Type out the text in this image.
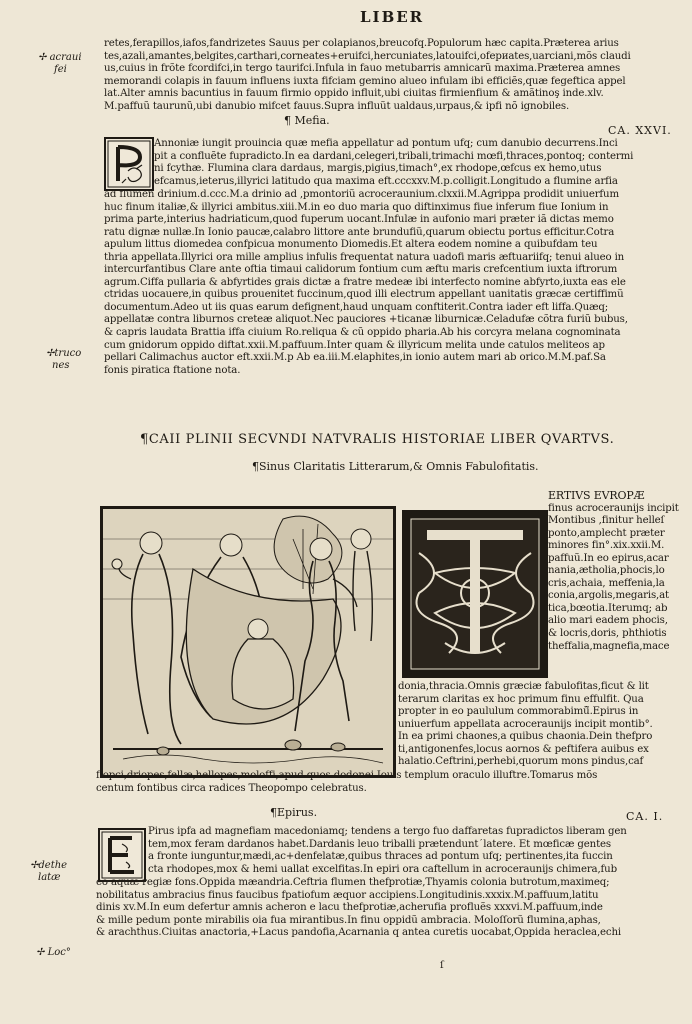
LIBER
✢ acraui
fei
✢truco
nes
✢dethe
latæ
✢ Loc°
retes,ferapillos,iafos,fandrizetes Sauus per colapianos,breucofq.Populorum hæc capita.Præterea arius
tes,azali,amantes,belgites,carthari,corneates+eruifci,hercuniates,latouifci,ofериates,uarciani,mõs claudi
us,cuius in frõte fcordifci,in tergo taurifci.Infula in fauo metubarris amnicarũ maxima.Præterea amnes
memorandi colapis in fauum influens iuxta fifciam gemino alueo infulam ibi efficiẽs,quæ fegeftica appel
lat̃.Alter amnis bacuntius in fauum firmio oppido influit,ubi ciuitas firmienfium & amãtinoş inde.xlv.
M.paffuũ taurunũ,ubi danubio mifcet̃ fauus.Supra influũt ualdaus,urpaus,& ipfi nõ ignobiles.
¶ Mefia.
CA. XXVI.
Annoniæ iungit̃ prouincia quæ mefia appellatur ad pontum ufq; cum danubio decurrens.Inci
pit a confluẽte fupradicto.In ea dardani,celegeri,tribali,trimachi mœfi,thraces,pontoq; contermi
ni fcythæ. Flumina clara dardaus, margis,pigius,timach°,ex rhodope,œfcus ex hemo,utus
efcamus,ieterus,illyrici latitudo qua maxima eft.cccxxv.M.p.colligit.Longitudo a flumine arfia
ad flumen drinium.d.ccc.M.a drinio ad ,pmontoriũ acroceraunium.clxxii.M.Agrippa prodidit uniuerfum
huc finum italiæ,& illyrici ambitus.xiii.M.in eo duo maria quo diftinximus fiue inferum fiue Ionium in
prima parte,interius hadriaticum,quod fuperum uocant.Infulæ in aufonio mari præter iã dictas memo
ratu dignæ nullæ.In Ionio paucæ,calabro littore ante brundufiũ,quarum obiectu portus efficitur.Cotra
apulum littus diomedea confpicua monumento Diomedis.Et altera eodem nomine a quibufdam teu
thria appellata.Illyrici ora mille amplius infulis frequentat̃ natura uadofi maris æftuariifq; tenui alueo in
intercurfantibus Clare ante oftia timaui calidorum fontium cum æftu maris crefcentium iuxta iftrorum
agrum.Ciffa pullaria & abfyrtides grais dictæ a fratre medeæ ibi interfecto nomine abfyrto,iuxta eas ele
ctridas uocauere,in quibus prouenitet fuccinum,quod illi electrum appellant uanitatis græcæ certiffimũ
documentum.Adeo ut iis quas earum defignent,haud unquam conftiterit.Contra iader eft liffa.Quæq;
appellatæ contra liburnos creteæ aliquot.Nec pauciores +ticanæ liburnicæ.Celadufæ cõtra furiũ bubus,
& capris laudata Brattia iffa ciuium Ro.reliqua & cũ oppido pharia.Ab his corcyra melana cognominata
cum gnidorum oppido diftat.xxii.M.paffuum.Inter quam & illyricum melita unde catulos meliteos ap
pellari Calimachus auctor eft.xxii.M.p Ab ea.iii.M.elaphites,in ionio autem mari ab orico.M.M.paf.Sa
fonis piratica ftatione nota.
¶CAII PLINII SECVNDI NATVRALIS HISTORIAE LIBER QVARTVS.
¶Sinus Claritatis Litterarum,& Omnis Fabulofitatis.
ERTIVS EVROPÆ
finus acroceraunijs incipit
Montibus ,finitur helleſ
ponto,amplecht̃ præter
minores fin°.xix.xxii.M.
paffuũ.In eo epirus,acar
nania,ætholia,phocis,lo
cris,achaia, meffenia,la
conia,argolis,megaris,at
tica,bœotia.Iterumq; ab
alio mari eadem phocis,
& locris,doris, phthiotis
theffalia,magnefia,mace
donia,thracia.Omnis græciæ fabulofitas,ficut & lit
terarum claritas ex hoc primum finu effulfit. Qua
propter in eo paululum commorabimũ̃.Epirus in
uniuerfum appellata acroceraunijs incipit montib°.
In ea primi chaones,a quibus chaonia.Dein thefpro
ti,antigonenfes,locus aornos & peftifera auibus ex
halatio.Ceftrini,perhebi,quorum mons pindus,caf
fiopci,driopes,fellæ,hellopes,moloffi,apud quos dodonei Iouis templum oraculo illuftre.Tomarus mõs
centum fontibus circa radices Theopompo celebratus.
¶Epirus.	CA. I.
Pirus ipfa ad magnefiam macedoniamq; tendens a tergo fuo daffaretas fupradictos liberam gen
tem,mox feram dardanos habet.Dardanis leuo triballi prætenduntˊlatere. Et mœficæ gentes
a fronte iunguntur,mædi,ac+denfelatæ,quibus thraces ad pontum ufq; pertinentes,ita fuccin
cta rhodopes,mox & hemi uallat̃ excelfitas.In epiri ora caftellum in acroceraunijs chimera,fub
eo aquæ regiæ fons.Oppida mæandria.Ceftria flumen thefprotiæ,Thyamis colonia butrotum,maximeq;
nobilitatus ambracius finus faucibus fpatiofum æquor accipiens.Longitudinis.xxxix.M.paffuum,latitu
dinis xv.M.In eum defertur amnis acheron e lacu thefprotiæ,acherufia profluẽs xxxvi.M.paffuum,inde
& mille pedum ponte mirabilis oia fua mirantibus.In finu oppidũ ambracia. Moloſſorũ flumina,aphas,
& arachthus.Ciuitas anactoria,+Lacus pandofia,Acarnania q antea curetis uocabat,Oppida heraclea,echi
ſ
